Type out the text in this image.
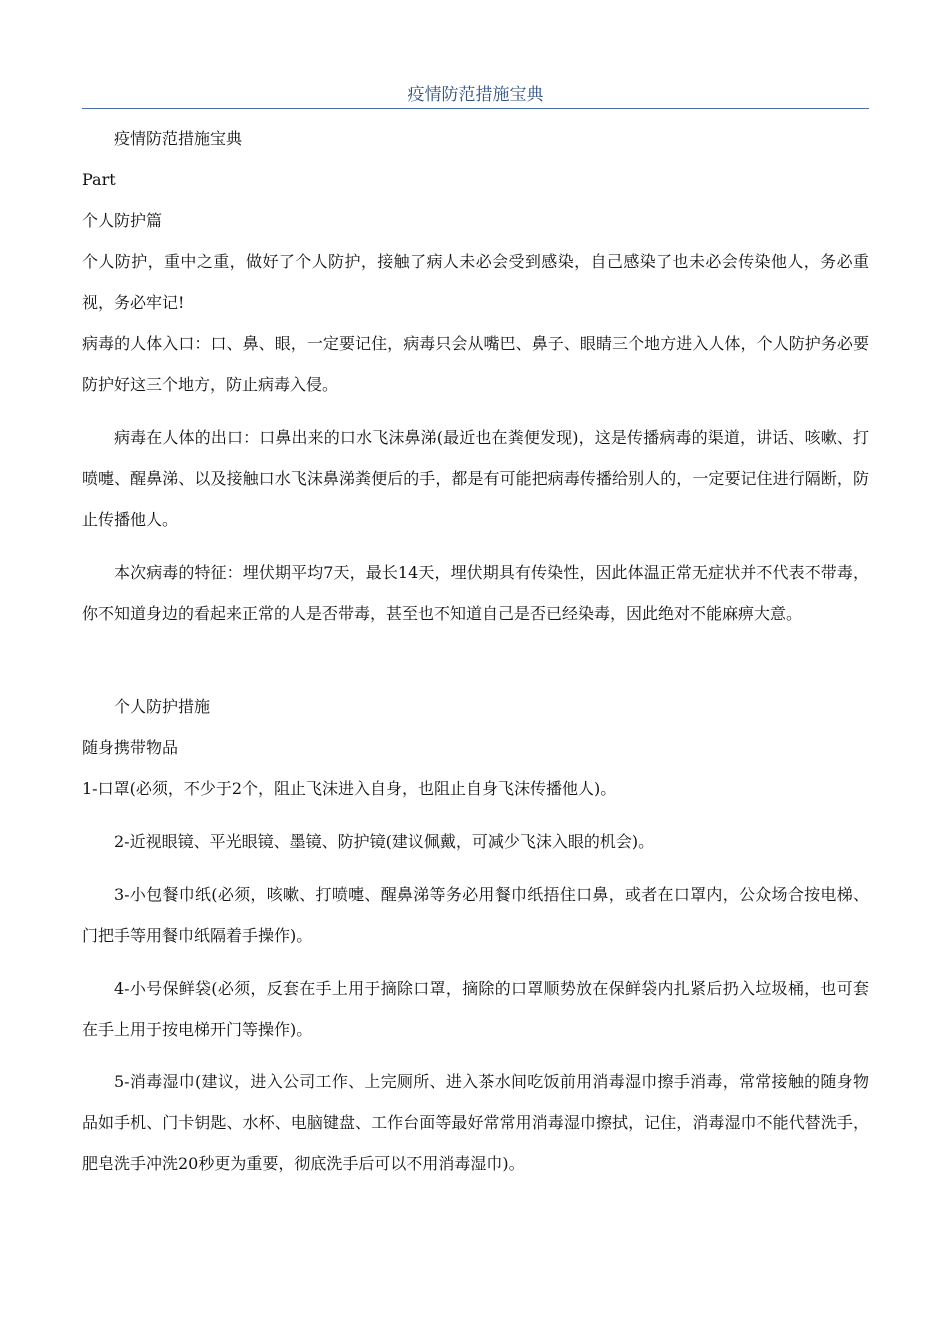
疫情防范措施宝典

疫情防范措施宝典

Part

个人防护篇

个人防护，重中之重，做好了个人防护，接触了病人未必会受到感染，自己感染了也未必会传染他人，务必重视，务必牢记!

病毒的人体入口：口、鼻、眼，一定要记住，病毒只会从嘴巴、鼻子、眼睛三个地方进入人体，个人防护务必要防护好这三个地方，防止病毒入侵。

病毒在人体的出口：口鼻出来的口水飞沫鼻涕(最近也在粪便发现)，这是传播病毒的渠道，讲话、咳嗽、打喷嚏、醒鼻涕、以及接触口水飞沫鼻涕粪便后的手，都是有可能把病毒传播给别人的，一定要记住进行隔断，防止传播他人。

本次病毒的特征：埋伏期平均7天，最长14天，埋伏期具有传染性，因此体温正常无症状并不代表不带毒，你不知道身边的看起来正常的人是否带毒，甚至也不知道自己是否已经染毒，因此绝对不能麻痹大意。

个人防护措施

随身携带物品

1-口罩(必须，不少于2个，阻止飞沫进入自身，也阻止自身飞沫传播他人)。

2-近视眼镜、平光眼镜、墨镜、防护镜(建议佩戴，可减少飞沫入眼的机会)。

3-小包餐巾纸(必须，咳嗽、打喷嚏、醒鼻涕等务必用餐巾纸捂住口鼻，或者在口罩内，公众场合按电梯、门把手等用餐巾纸隔着手操作)。

4-小号保鲜袋(必须，反套在手上用于摘除口罩，摘除的口罩顺势放在保鲜袋内扎紧后扔入垃圾桶，也可套在手上用于按电梯开门等操作)。

5-消毒湿巾(建议，进入公司工作、上完厕所、进入茶水间吃饭前用消毒湿巾擦手消毒，常常接触的随身物品如手机、门卡钥匙、水杯、电脑键盘、工作台面等最好常常用消毒湿巾擦拭，记住，消毒湿巾不能代替洗手，肥皂洗手冲洗20秒更为重要，彻底洗手后可以不用消毒湿巾)。
